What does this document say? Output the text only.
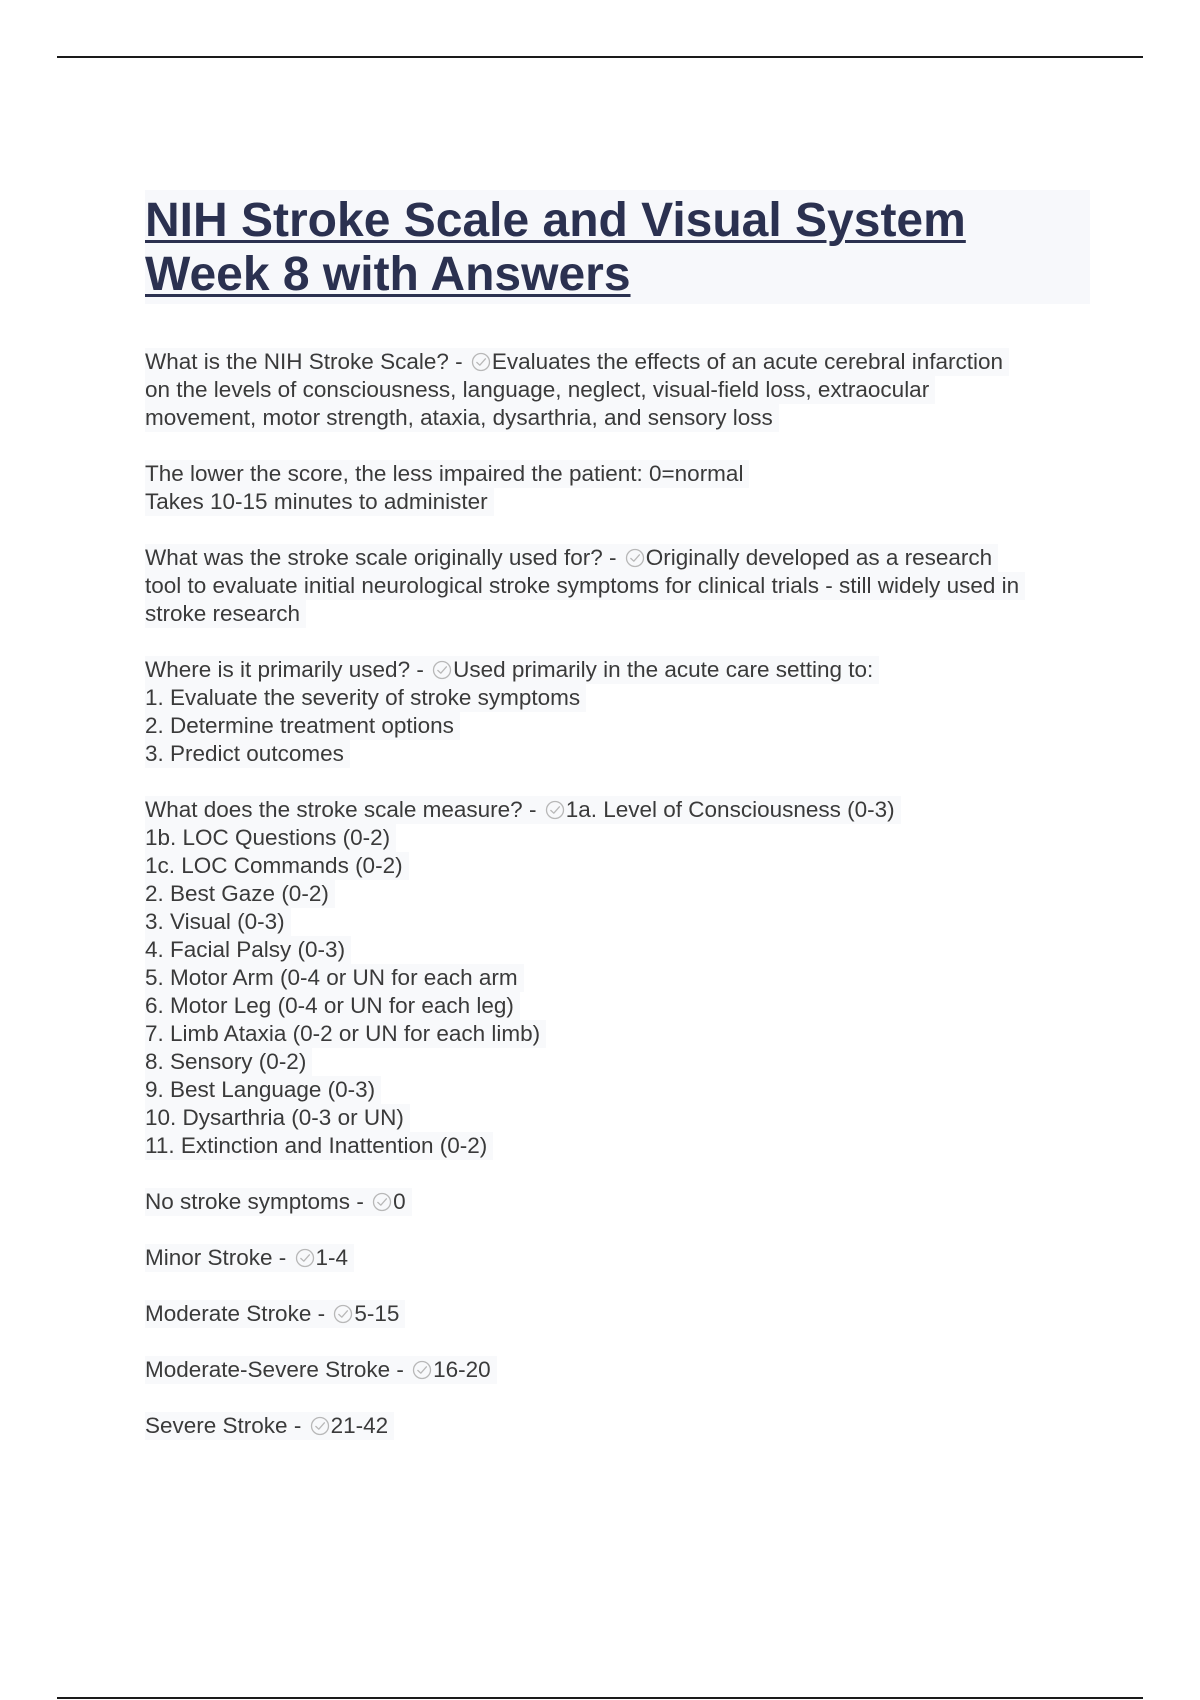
NIH Stroke Scale and Visual System
Week 8 with Answers
What is the NIH Stroke Scale? - Evaluates the effects of an acute cerebral infarction
on the levels of consciousness, language, neglect, visual-field loss, extraocular
movement, motor strength, ataxia, dysarthria, and sensory loss
The lower the score, the less impaired the patient: 0=normal
Takes 10-15 minutes to administer
What was the stroke scale originally used for? - Originally developed as a research
tool to evaluate initial neurological stroke symptoms for clinical trials - still widely used in
stroke research
Where is it primarily used? - Used primarily in the acute care setting to:
1. Evaluate the severity of stroke symptoms
2. Determine treatment options
3. Predict outcomes
What does the stroke scale measure? - 1a. Level of Consciousness (0-3)
1b. LOC Questions (0-2)
1c. LOC Commands (0-2)
2. Best Gaze (0-2)
3. Visual (0-3)
4. Facial Palsy (0-3)
5. Motor Arm (0-4 or UN for each arm
6. Motor Leg (0-4 or UN for each leg)
7. Limb Ataxia (0-2 or UN for each limb)
8. Sensory (0-2)
9. Best Language (0-3)
10. Dysarthria (0-3 or UN)
11. Extinction and Inattention (0-2)
No stroke symptoms - 0
Minor Stroke - 1-4
Moderate Stroke - 5-15
Moderate-Severe Stroke - 16-20
Severe Stroke - 21-42
